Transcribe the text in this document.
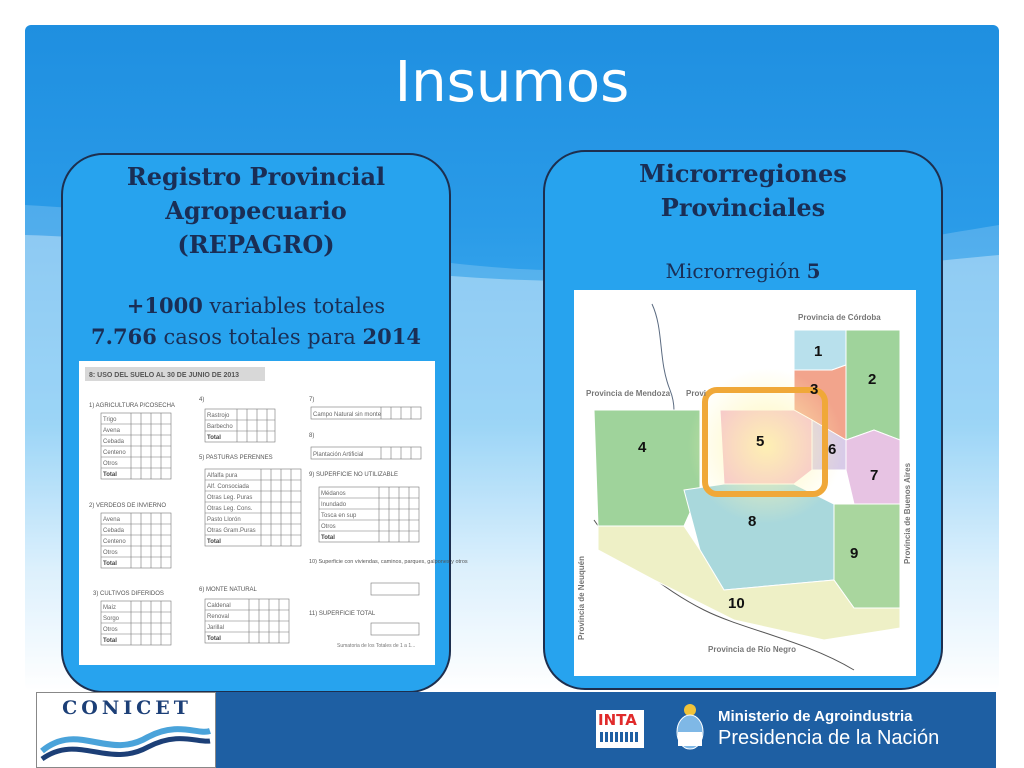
Insumos
Registro Provincial
Agropecuario
(REPAGRO)
+1000 variables totales
7.766 casos totales para 2014
8: USO DEL SUELO AL 30 DE JUNIO DE 2013
1) AGRICULTURA P/COSECHA
Trigo
Avena
Cebada
Centeno
Otros
Total
2) VERDEOS DE INVIERNO
Avena
Cebada
Centeno
Otros
Total
3) CULTIVOS DIFERIDOS
Maíz
Sorgo
Otros
Total
4)
Rastrojo
Barbecho
Total
5) PASTURAS PERENNES
Alfalfa pura
Alf. Consociada
Otras Leg. Puras
Otras Leg. Cons.
Pasto Llorón
Otras Gram.Puras
Total
6) MONTE NATURAL
Caldenal
Renoval
Jarillal
Total
7)
Campo Natural sin monte
8)
Plantación Artificial
9) SUPERFICIE NO UTILIZABLE
Médanos
Inundado
Tosca en sup
Otros
Total
10) Superficie con viviendas, caminos, parques, galpones y otros
11) SUPERFICIE TOTAL
Sumatoria de los Totales de 1 a 1...
Microrregiones
Provinciales
Microrregión 5
1
2
3
4	5	6
7
8
9
10
Provincia de Córdoba
Provincia de Mendoza Provi
Provincia de Río Negro
Provincia de Neuquén
Provincia de Buenos Aires
CONICET
INTA	Ministerio de Agroindustria
Presidencia de la Nación
